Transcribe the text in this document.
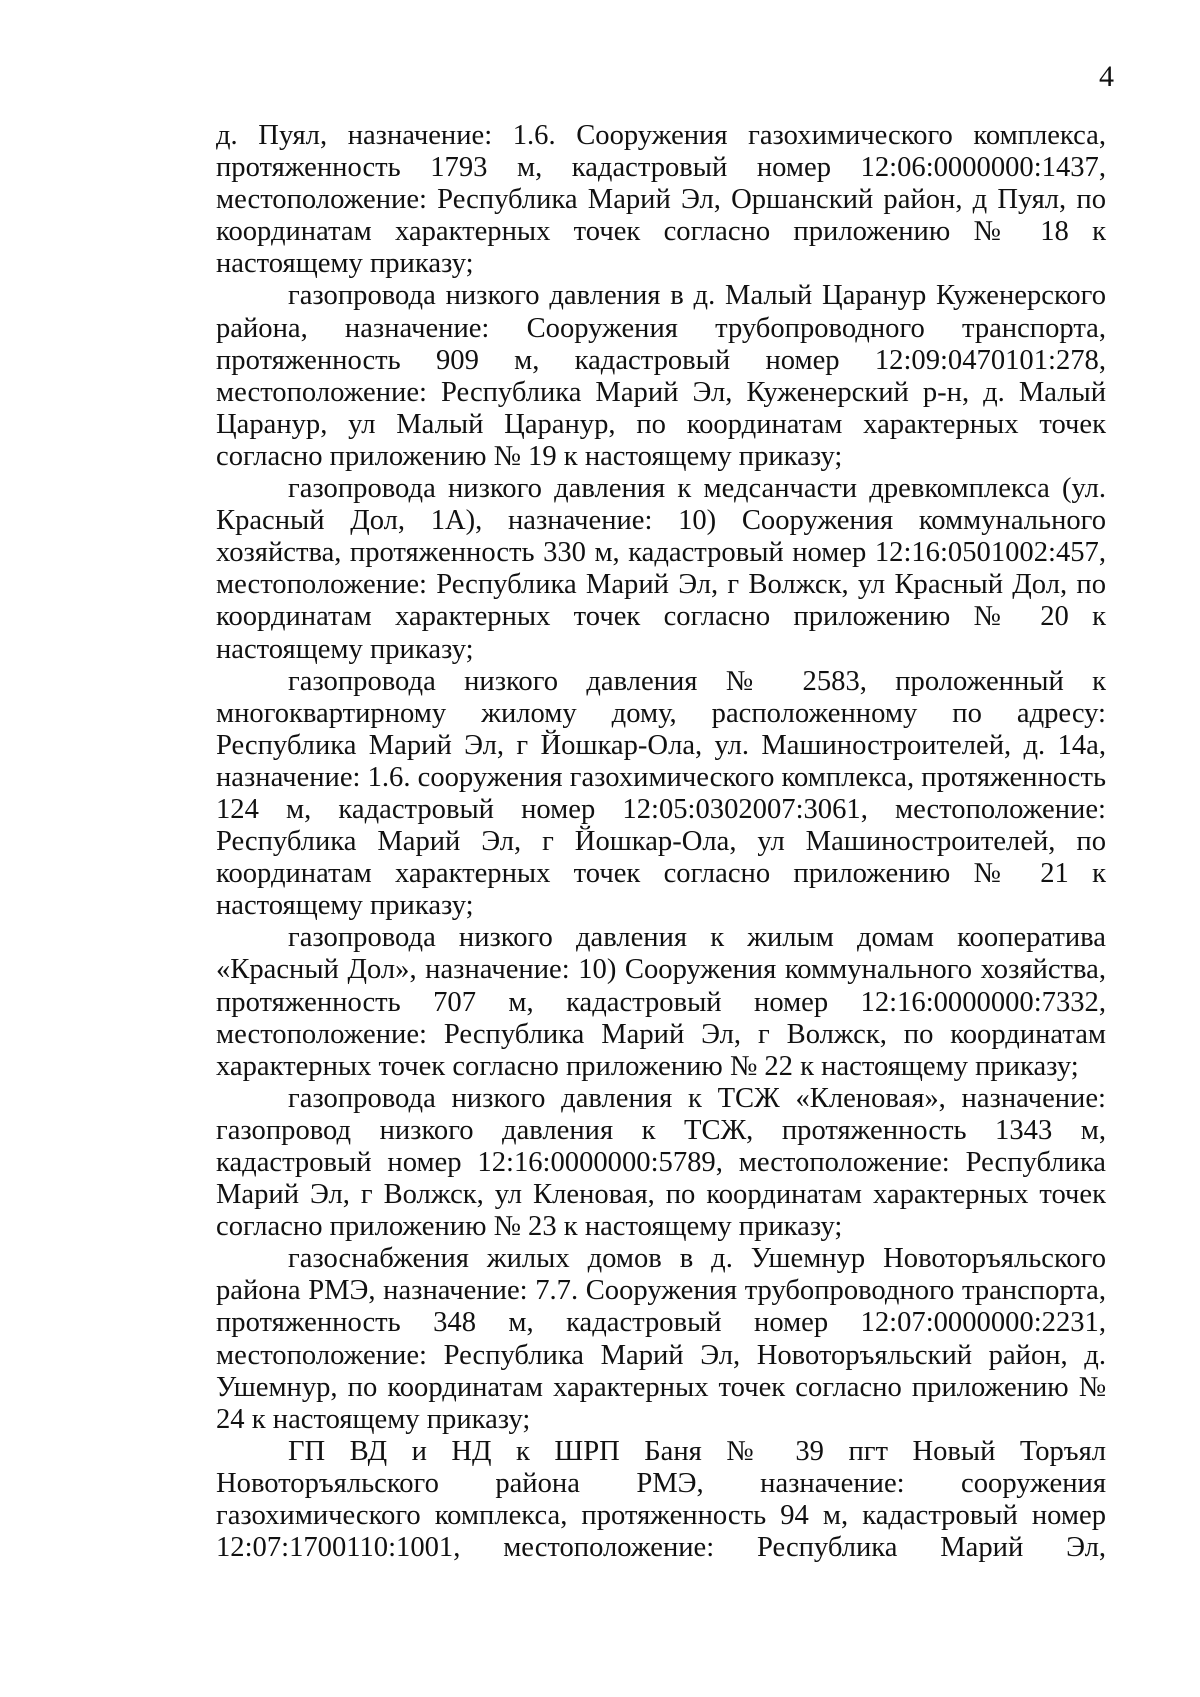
4

д. Пуял, назначение: 1.6. Сооружения газохимического комплекса, протяженность 1793 м, кадастровый номер 12:06:0000000:1437, местоположение: Республика Марий Эл, Оршанский район, д Пуял, по координатам характерных точек согласно приложению № 18 к настоящему приказу;

газопровода низкого давления в д. Малый Царанур Куженерского района, назначение: Сооружения трубопроводного транспорта, протяженность 909 м, кадастровый номер 12:09:0470101:278, местоположение: Республика Марий Эл, Куженерский р-н, д. Малый Царанур, ул Малый Царанур, по координатам характерных точек согласно приложению № 19 к настоящему приказу;

газопровода низкого давления к медсанчасти древкомплекса (ул. Красный Дол, 1А), назначение: 10) Сооружения коммунального хозяйства, протяженность 330 м, кадастровый номер 12:16:0501002:457, местоположение: Республика Марий Эл, г Волжск, ул Красный Дол, по координатам характерных точек согласно приложению № 20 к настоящему приказу;

газопровода низкого давления № 2583, проложенный к многоквартирному жилому дому, расположенному по адресу: Республика Марий Эл, г Йошкар-Ола, ул. Машиностроителей, д. 14а, назначение: 1.6. сооружения газохимического комплекса, протяженность 124 м, кадастровый номер 12:05:0302007:3061, местоположение: Республика Марий Эл, г Йошкар-Ола, ул Машиностроителей, по координатам характерных точек согласно приложению № 21 к настоящему приказу;

газопровода низкого давления к жилым домам кооператива «Красный Дол», назначение: 10) Сооружения коммунального хозяйства, протяженность 707 м, кадастровый номер 12:16:0000000:7332, местоположение: Республика Марий Эл, г Волжск, по координатам характерных точек согласно приложению № 22 к настоящему приказу;

газопровода низкого давления к ТСЖ «Кленовая», назначение: газопровод низкого давления к ТСЖ, протяженность 1343 м, кадастровый номер 12:16:0000000:5789, местоположение: Республика Марий Эл, г Волжск, ул Кленовая, по координатам характерных точек согласно приложению № 23 к настоящему приказу;

газоснабжения жилых домов в д. Ушемнур Новоторъяльского района РМЭ, назначение: 7.7. Сооружения трубопроводного транспорта, протяженность 348 м, кадастровый номер 12:07:0000000:2231, местоположение: Республика Марий Эл, Новоторъяльский район, д. Ушемнур, по координатам характерных точек согласно приложению № 24 к настоящему приказу;

ГП ВД и НД к ШРП Баня № 39 пгт Новый Торъял Новоторъяльского района РМЭ, назначение: сооружения газохимического комплекса, протяженность 94 м, кадастровый номер 12:07:1700110:1001, местоположение: Республика Марий Эл,
